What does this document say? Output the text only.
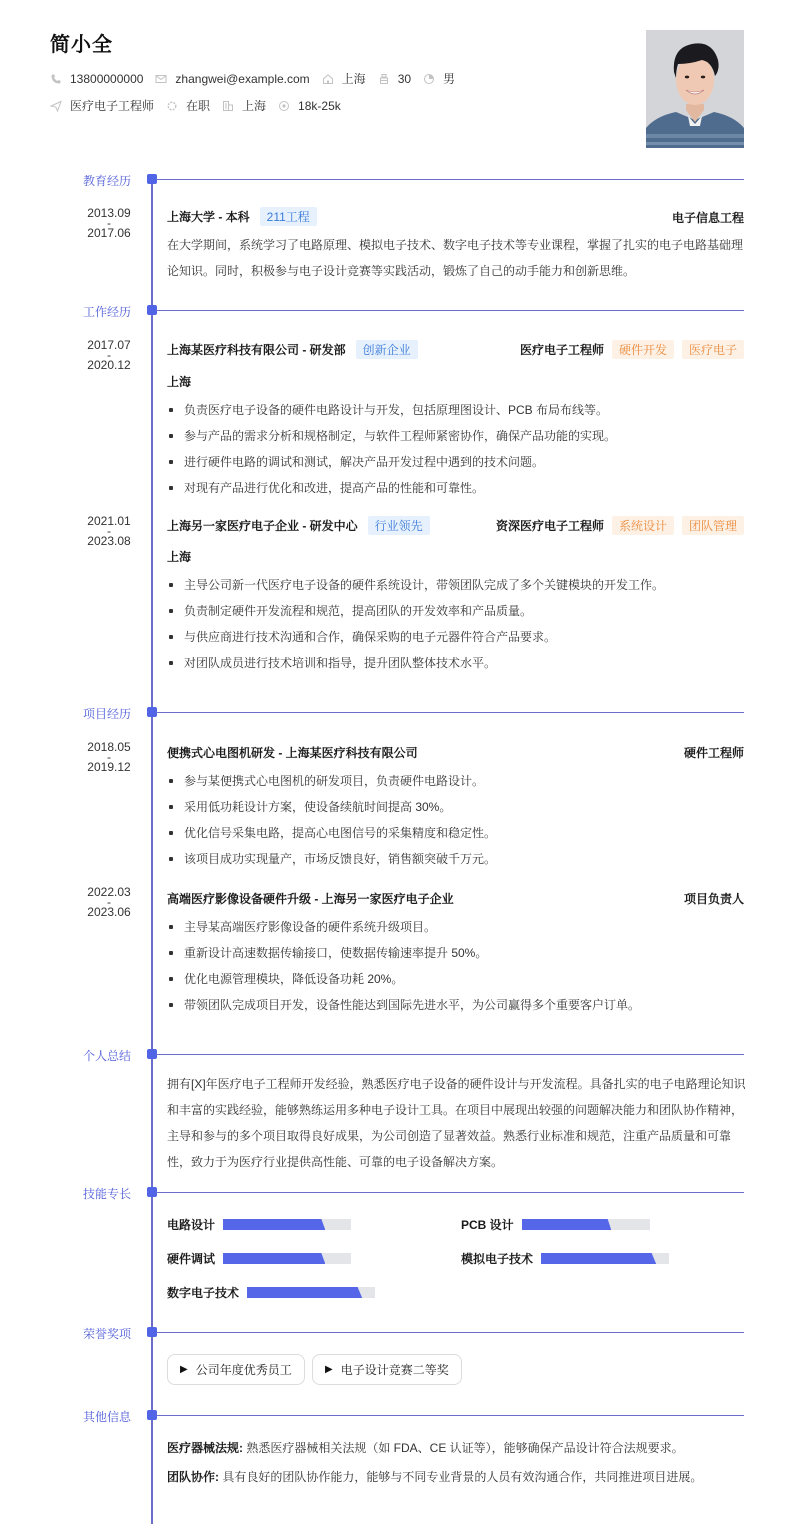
简小全
13800000000	zhangwei@example.com	上海	30	男
医疗电子工程师	在职	上海	18k-25k
教育经历
2013.09
-
2017.06
上海大学 - 本科	211工程	电子信息工程
在大学期间，系统学习了电路原理、模拟电子技术、数字电子技术等专业课程，掌握了扎实的电子电路基础理论知识。同时，积极参与电子设计竞赛等实践活动，锻炼了自己的动手能力和创新思维。
工作经历
2017.07
-
2020.12
上海某医疗科技有限公司 - 研发部	创新企业	医疗电子工程师	硬件开发	医疗电子
上海
负责医疗电子设备的硬件电路设计与开发，包括原理图设计、PCB 布局布线等。
参与产品的需求分析和规格制定，与软件工程师紧密协作，确保产品功能的实现。
进行硬件电路的调试和测试，解决产品开发过程中遇到的技术问题。
对现有产品进行优化和改进，提高产品的性能和可靠性。
2021.01
-
2023.08
上海另一家医疗电子企业 - 研发中心	行业领先	资深医疗电子工程师	系统设计	团队管理
上海
主导公司新一代医疗电子设备的硬件系统设计，带领团队完成了多个关键模块的开发工作。
负责制定硬件开发流程和规范，提高团队的开发效率和产品质量。
与供应商进行技术沟通和合作，确保采购的电子元器件符合产品要求。
对团队成员进行技术培训和指导，提升团队整体技术水平。
项目经历
2018.05
-
2019.12
便携式心电图机研发 - 上海某医疗科技有限公司	硬件工程师
参与某便携式心电图机的研发项目，负责硬件电路设计。
采用低功耗设计方案，使设备续航时间提高 30%。
优化信号采集电路，提高心电图信号的采集精度和稳定性。
该项目成功实现量产，市场反馈良好，销售额突破千万元。
2022.03
-
2023.06
高端医疗影像设备硬件升级 - 上海另一家医疗电子企业	项目负责人
主导某高端医疗影像设备的硬件系统升级项目。
重新设计高速数据传输接口，使数据传输速率提升 50%。
优化电源管理模块，降低设备功耗 20%。
带领团队完成项目开发，设备性能达到国际先进水平，为公司赢得多个重要客户订单。
个人总结
拥有[X]年医疗电子工程师开发经验，熟悉医疗电子设备的硬件设计与开发流程。具备扎实的电子电路理论知识和丰富的实践经验，能够熟练运用多种电子设计工具。在项目中展现出较强的问题解决能力和团队协作精神，主导和参与的多个项目取得良好成果，为公司创造了显著效益。熟悉行业标准和规范，注重产品质量和可靠性，致力于为医疗行业提供高性能、可靠的电子设备解决方案。
技能专长
电路设计	PCB 设计
硬件调试	模拟电子技术
数字电子技术
荣誉奖项
▶ 公司年度优秀员工	▶ 电子设计竞赛二等奖
其他信息
医疗器械法规: 熟悉医疗器械相关法规（如 FDA、CE 认证等），能够确保产品设计符合法规要求。
团队协作: 具有良好的团队协作能力，能够与不同专业背景的人员有效沟通合作，共同推进项目进展。
